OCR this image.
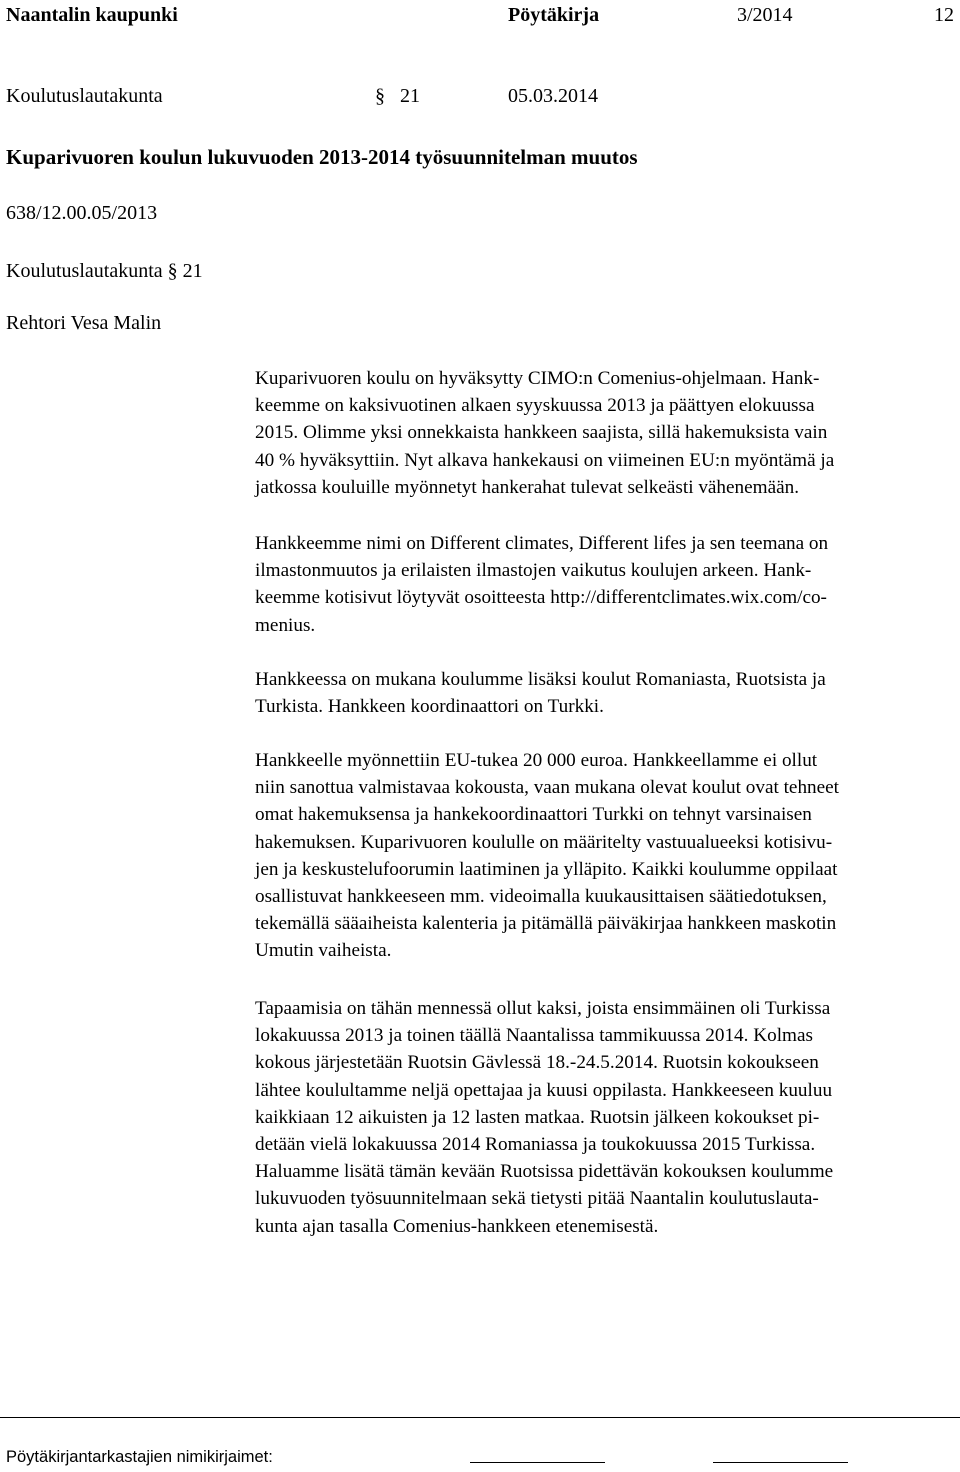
Naantalin kaupunki	Pöytäkirja	3/2014	12
Koulutuslautakunta	§ 21	05.03.2014
Kuparivuoren koulun lukuvuoden 2013-2014 työsuunnitelman muutos
638/12.00.05/2013
Koulutuslautakunta § 21
Rehtori Vesa Malin
Kuparivuoren koulu on hyväksytty CIMO:n Comenius-ohjelmaan. Hank-
keemme on kaksivuotinen alkaen syyskuussa 2013 ja päättyen elokuussa
2015. Olimme yksi onnekkaista hankkeen saajista, sillä hakemuksista vain
40 % hyväksyttiin. Nyt alkava hankekausi on viimeinen EU:n myöntämä ja
jatkossa kouluille myönnetyt hankerahat tulevat selkeästi vähenemään.
Hankkeemme nimi on Different climates, Different lifes ja sen teemana on
ilmastonmuutos ja erilaisten ilmastojen vaikutus koulujen arkeen. Hank-
keemme kotisivut löytyvät osoitteesta http://differentclimates.wix.com/co-
menius.
Hankkeessa on mukana koulumme lisäksi koulut Romaniasta, Ruotsista ja
Turkista. Hankkeen koordinaattori on Turkki.
Hankkeelle myönnettiin EU-tukea 20 000 euroa. Hankkeellamme ei ollut
niin sanottua valmistavaa kokousta, vaan mukana olevat koulut ovat tehneet
omat hakemuksensa ja hankekoordinaattori Turkki on tehnyt varsinaisen
hakemuksen. Kuparivuoren koululle on määritelty vastuualueeksi kotisivu-
jen ja keskustelufoorumin laatiminen ja ylläpito. Kaikki koulumme oppilaat
osallistuvat hankkeeseen mm. videoimalla kuukausittaisen säätiedotuksen,
tekemällä sääaiheista kalenteria ja pitämällä päiväkirjaa hankkeen maskotin
Umutin vaiheista.
Tapaamisia on tähän mennessä ollut kaksi, joista ensimmäinen oli Turkissa
lokakuussa 2013 ja toinen täällä Naantalissa tammikuussa 2014. Kolmas
kokous järjestetään Ruotsin Gävlessä 18.-24.5.2014. Ruotsin kokoukseen
lähtee koulultamme neljä opettajaa ja kuusi oppilasta. Hankkeeseen kuuluu
kaikkiaan 12 aikuisten ja 12 lasten matkaa. Ruotsin jälkeen kokoukset pi-
detään vielä lokakuussa 2014 Romaniassa ja toukokuussa 2015 Turkissa.
Haluamme lisätä tämän kevään Ruotsissa pidettävän kokouksen koulumme
lukuvuoden työsuunnitelmaan sekä tietysti pitää Naantalin koulutuslauta-
kunta ajan tasalla Comenius-hankkeen etenemisestä.
Pöytäkirjantarkastajien nimikirjaimet:
